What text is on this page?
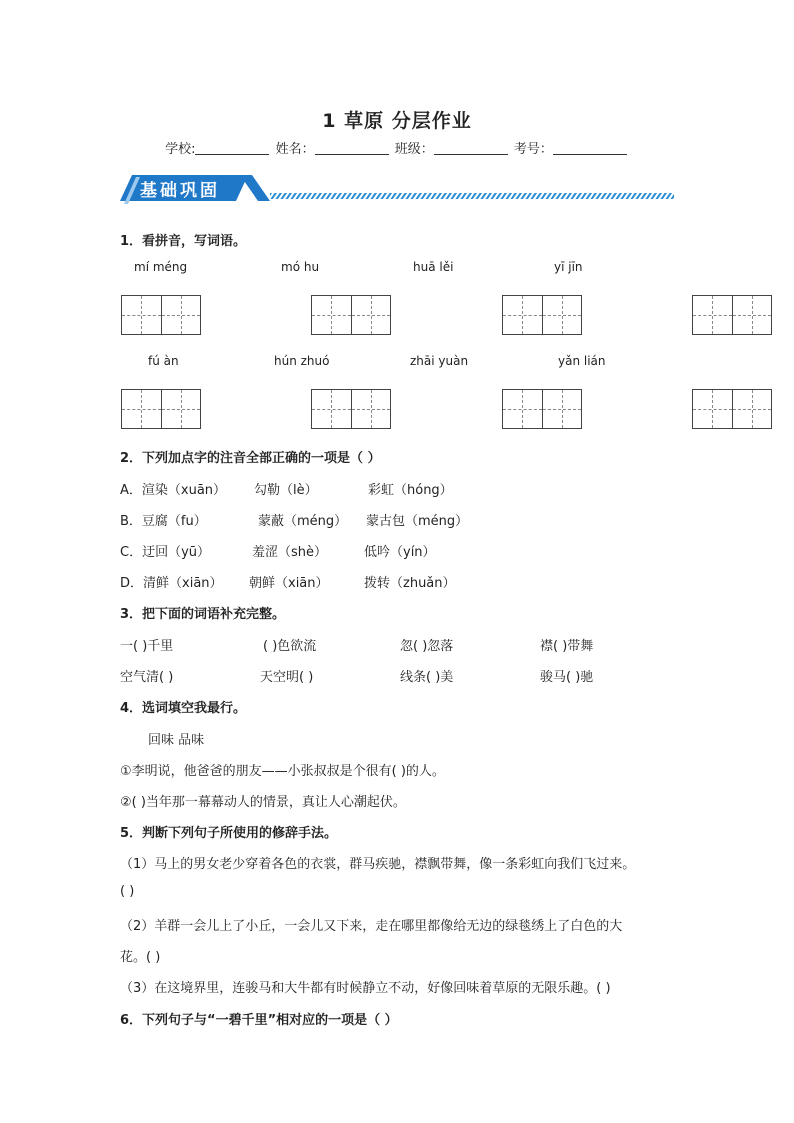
1 草原 分层作业
学校:	姓名：	班级：	考号：
基础巩固
1．看拼音，写词语。
mí méng	mó hu	huā lěi	yī jīn
fú àn	hún zhuó	zhāi yuàn	yǎn lián
2．下列加点字的注音全部正确的一项是（ ）
A．渲染（xuān） 勾勒（lè）	彩虹（hóng）
B．豆腐（fu）	蒙蔽（méng） 蒙古包（méng）
C．迂回（yū）	羞涩（shè）	低吟（yín）
D．清鲜（xiān） 朝鲜（xiān）	拨转（zhuǎn）
3．把下面的词语补充完整。
一( )千里	( )色欲流	忽( )忽落	襟( )带舞
空气清( )	天空明( )	线条( )美	骏马( )驰
4．选词填空我最行。
回味 品味
①李明说，他爸爸的朋友——小张叔叔是个很有( )的人。
②( )当年那一幕幕动人的情景，真让人心潮起伏。
5．判断下列句子所使用的修辞手法。
（1）马上的男女老少穿着各色的衣裳，群马疾驰，襟飘带舞，像一条彩虹向我们飞过来。
( )
（2）羊群一会儿上了小丘，一会儿又下来，走在哪里都像给无边的绿毯绣上了白色的大
花。( )
（3）在这境界里，连骏马和大牛都有时候静立不动，好像回味着草原的无限乐趣。( )
6．下列句子与“一碧千里”相对应的一项是（ ）
